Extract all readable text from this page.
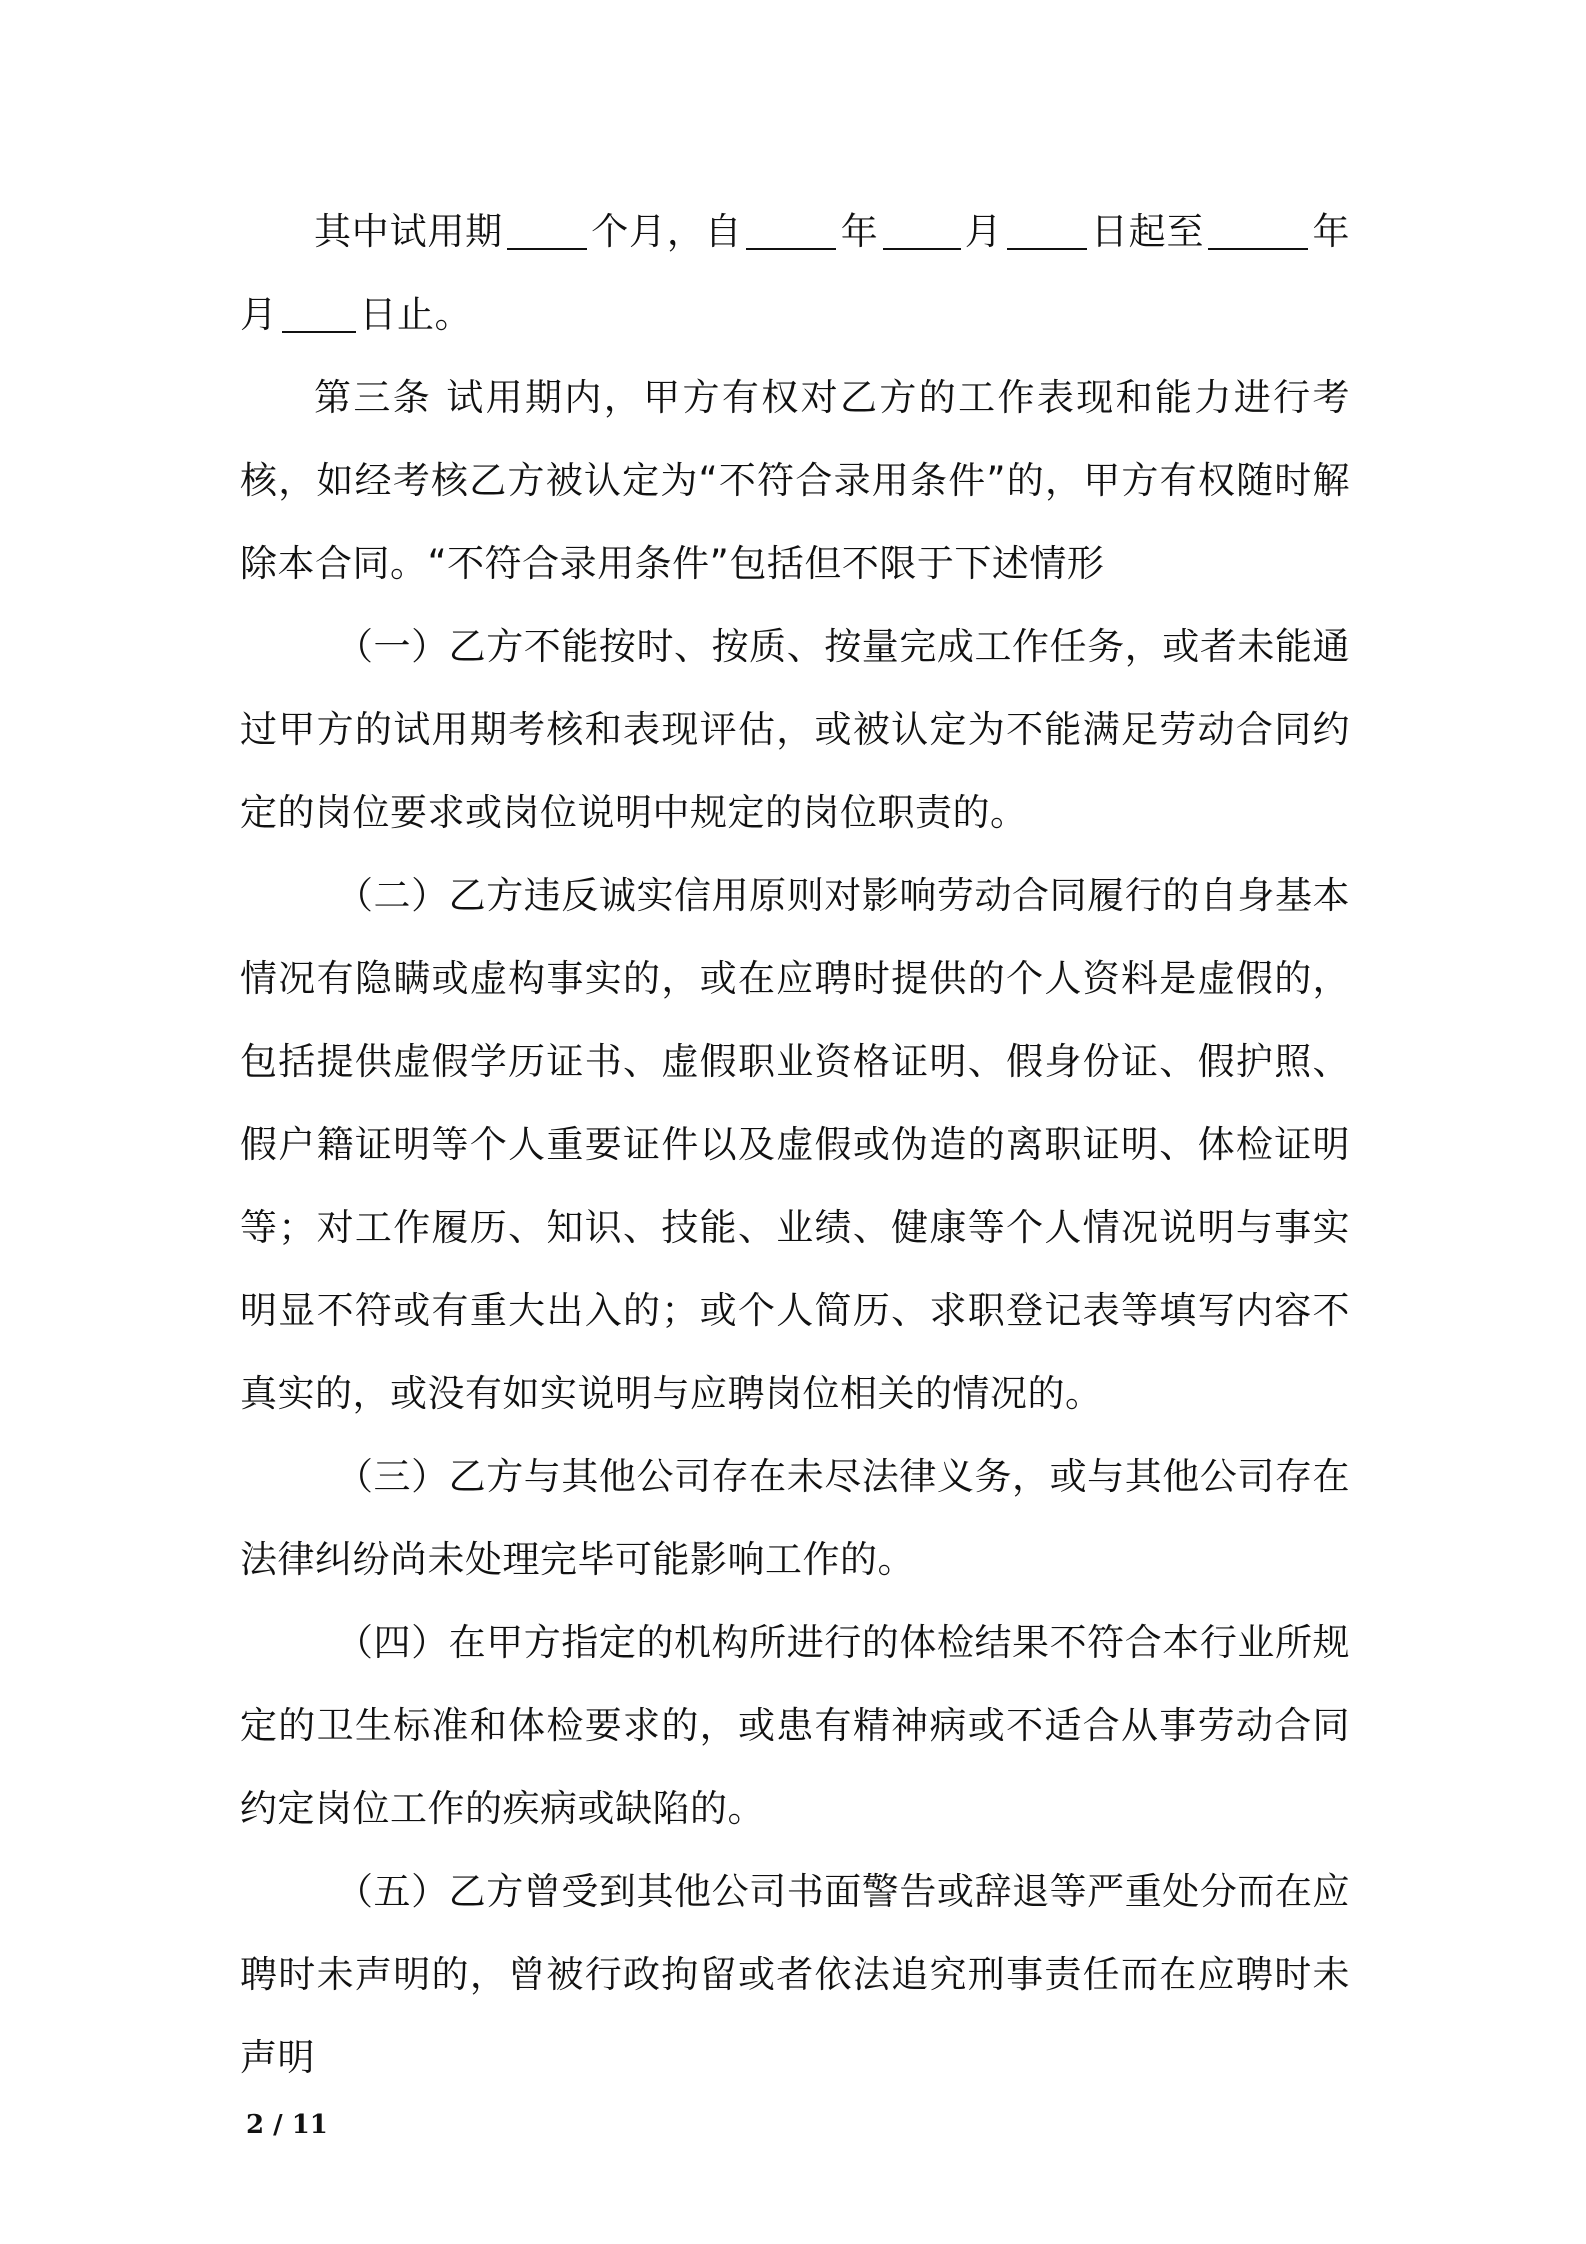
其中试用期 个月，自	年 月 日起至	年月 日止。

第三条 试用期内，甲方有权对乙方的工作表现和能力进行考核，如经考核乙方被认定为“不符合录用条件”的，甲方有权随时解除本合同。“不符合录用条件”包括但不限于下述情形

（一）乙方不能按时、按质、按量完成工作任务，或者未能通过甲方的试用期考核和表现评估，或被认定为不能满足劳动合同约定的岗位要求或岗位说明中规定的岗位职责的。

（二）乙方违反诚实信用原则对影响劳动合同履行的自身基本情况有隐瞒或虚构事实的，或在应聘时提供的个人资料是虚假的，包括提供虚假学历证书、虚假职业资格证明、假身份证、假护照、假户籍证明等个人重要证件以及虚假或伪造的离职证明、体检证明等；对工作履历、知识、技能、业绩、健康等个人情况说明与事实明显不符或有重大出入的；或个人简历、求职登记表等填写内容不真实的，或没有如实说明与应聘岗位相关的情况的。

（三）乙方与其他公司存在未尽法律义务，或与其他公司存在法律纠纷尚未处理完毕可能影响工作的。

（四）在甲方指定的机构所进行的体检结果不符合本行业所规定的卫生标准和体检要求的，或患有精神病或不适合从事劳动合同约定岗位工作的疾病或缺陷的。

（五）乙方曾受到其他公司书面警告或辞退等严重处分而在应聘时未声明的，曾被行政拘留或者依法追究刑事责任而在应聘时未声明

2 / 11
